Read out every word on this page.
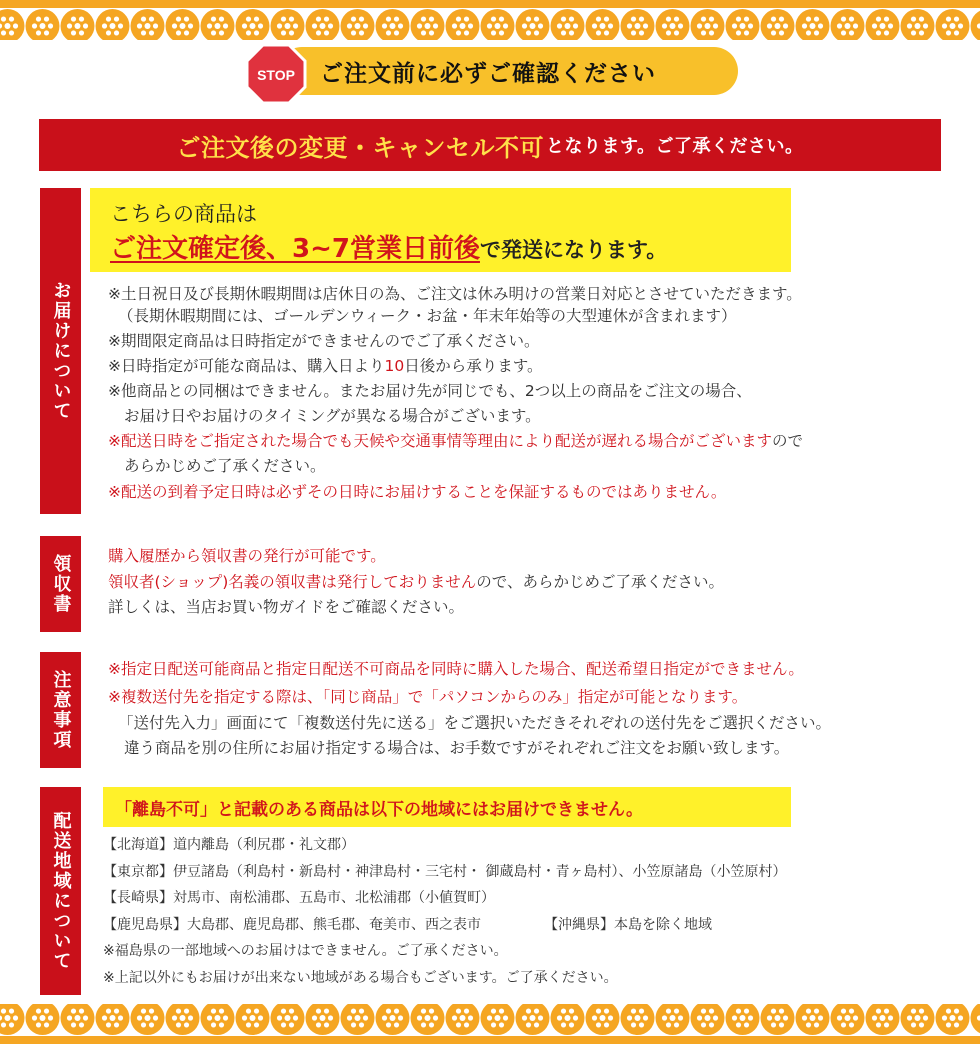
STOP ご注文前に必ずご確認ください
ご注文後の変更・キャンセル不可 となります。ご了承ください。
お届けについて
こちらの商品は
ご注文確定後、3~7営業日前後で発送になります。
※土日祝日及び長期休暇期間は店休日の為、ご注文は休み明けの営業日対応とさせていただきます。
（長期休暇期間には、ゴールデンウィーク・お盆・年末年始等の大型連休が含まれます）
※期間限定商品は日時指定ができませんのでご了承ください。
※日時指定が可能な商品は、購入日より10日後から承ります。
※他商品との同梱はできません。またお届け先が同じでも、2つ以上の商品をご注文の場合、
お届け日やお届けのタイミングが異なる場合がございます。
※配送日時をご指定された場合でも天候や交通事情等理由により配送が遅れる場合がございますので
あらかじめご了承ください。
※配送の到着予定日時は必ずその日時にお届けすることを保証するものではありません。
領収書	購入履歴から領収書の発行が可能です。
領収者(ショップ)名義の領収書は発行しておりませんので、あらかじめご了承ください。
詳しくは、当店お買い物ガイドをご確認ください。
注意事項
※指定日配送可能商品と指定日配送不可商品を同時に購入した場合、配送希望日指定ができません。
※複数送付先を指定する際は、「同じ商品」で「パソコンからのみ」指定が可能となります。
「送付先入力」画面にて「複数送付先に送る」をご選択いただきそれぞれの送付先をご選択ください。
違う商品を別の住所にお届け指定する場合は、お手数ですがそれぞれご注文をお願い致します。
配送地域について
「離島不可」と記載のある商品は以下の地域にはお届けできません。
【北海道】道内離島（利尻郡・礼文郡）
【東京都】伊豆諸島（利島村・新島村・神津島村・三宅村・ 御蔵島村・青ヶ島村）、小笠原諸島（小笠原村）
【長崎県】対馬市、南松浦郡、五島市、北松浦郡（小値賀町）
【鹿児島県】大島郡、鹿児島郡、熊毛郡、奄美市、西之表市	【沖縄県】本島を除く地域
※福島県の一部地域へのお届けはできません。ご了承ください。
※上記以外にもお届けが出来ない地域がある場合もございます。ご了承ください。
